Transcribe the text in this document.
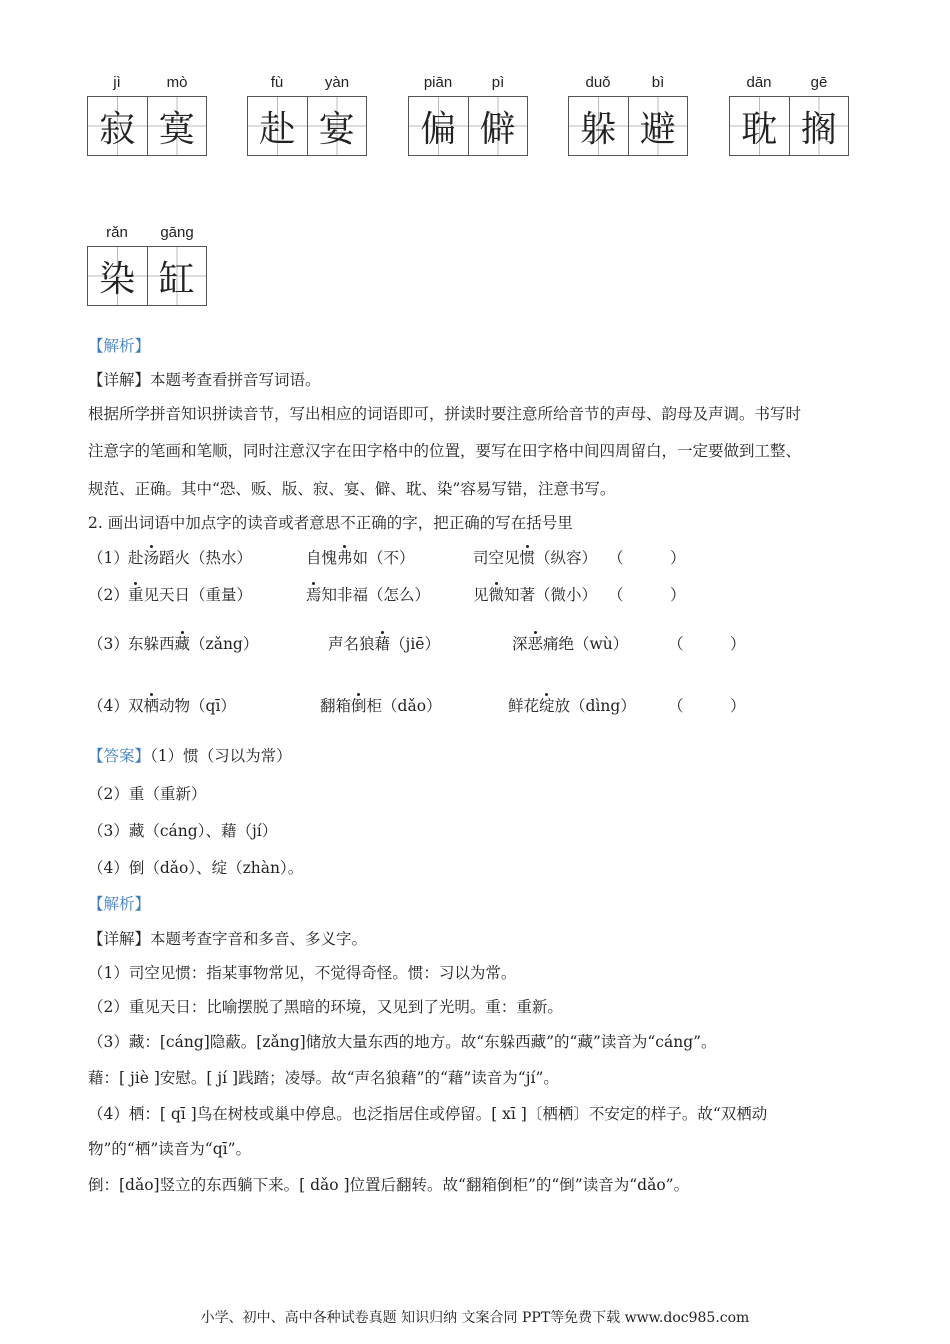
jì	mò
寂 寞
fù	yàn
赴 宴
piān	pì
偏 僻
duǒ	bì
躲 避
dān	gē
耽 搁
rǎn	gāng
染 缸
【解析】
【详解】本题考查看拼音写词语。
根据所学拼音知识拼读音节，写出相应的词语即可，拼读时要注意所给音节的声母、韵母及声调。书写时
注意字的笔画和笔顺，同时注意汉字在田字格中的位置，要写在田字格中间四周留白，一定要做到工整、
规范、正确。其中“恐、贩、版、寂、宴、僻、耽、染”容易写错，注意书写。
2. 画出词语中加点字的读音或者意思不正确的字，把正确的写在括号里
（1） 赴汤蹈火（热水）	自愧弗如（不）	司空见惯（纵容） （　　　）
（2） 重见天日（重量）	焉知非福（怎么）	见微知著（微小） （　　　）
（3） 东躲西藏（zǎng）	声名狼藉（jiē）	深恶痛绝（wù）	（　　　）
（4） 双栖动物（qī）	翻箱倒柜（dǎo）	鲜花绽放（dìng） （　　　）
【答案】（1）惯（习以为常）
（2）重（重新）
（3）藏（cáng）、藉（jí）
（4）倒（dǎo）、绽（zhàn）。
【解析】
【详解】本题考查字音和多音、多义字。
（1）司空见惯：指某事物常见，不觉得奇怪。惯：习以为常。
（2）重见天日：比喻摆脱了黑暗的环境，又见到了光明。重：重新。
（3）藏：[cáng]隐蔽。[zǎng]储放大量东西的地方。故“东躲西藏”的“藏”读音为“cáng”。
藉：[ jiè ]安慰。[ jí ]践踏；凌辱。故“声名狼藉”的“藉”读音为“jí”。
（4）栖：[ qī ]鸟在树枝或巢中停息。也泛指居住或停留。[ xī ]〔栖栖〕不安定的样子。故“双栖动
物”的“栖”读音为“qī”。
倒：[dǎo]竖立的东西躺下来。[ dǎo ]位置后翻转。故“翻箱倒柜”的“倒”读音为“dǎo”。
小学、初中、高中各种试卷真题 知识归纳 文案合同 PPT等免费下载 www.doc985.com
